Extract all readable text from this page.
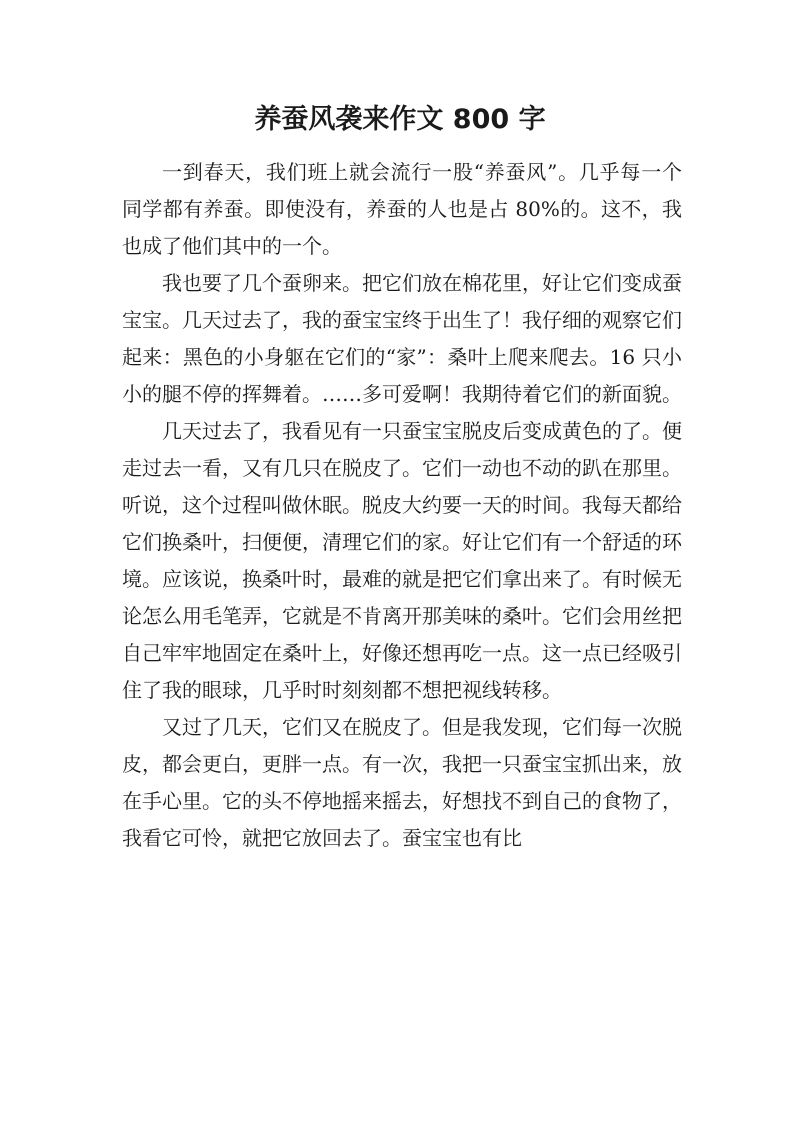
养蚕风袭来作文 800 字

一到春天，我们班上就会流行一股“养蚕风”。几乎每一个同学都有养蚕。即使没有，养蚕的人也是占 80%的。这不，我也成了他们其中的一个。

我也要了几个蚕卵来。把它们放在棉花里，好让它们变成蚕宝宝。几天过去了，我的蚕宝宝终于出生了！我仔细的观察它们起来：黑色的小身躯在它们的“家”：桑叶上爬来爬去。16 只小小的腿不停的挥舞着。……多可爱啊！我期待着它们的新面貌。

几天过去了，我看见有一只蚕宝宝脱皮后变成黄色的了。便走过去一看，又有几只在脱皮了。它们一动也不动的趴在那里。听说，这个过程叫做休眠。脱皮大约要一天的时间。我每天都给它们换桑叶，扫便便，清理它们的家。好让它们有一个舒适的环境。应该说，换桑叶时，最难的就是把它们拿出来了。有时候无论怎么用毛笔弄，它就是不肯离开那美味的桑叶。它们会用丝把自己牢牢地固定在桑叶上，好像还想再吃一点。这一点已经吸引住了我的眼球，几乎时时刻刻都不想把视线转移。

又过了几天，它们又在脱皮了。但是我发现，它们每一次脱皮，都会更白，更胖一点。有一次，我把一只蚕宝宝抓出来，放在手心里。它的头不停地摇来摇去，好想找不到自己的食物了，我看它可怜，就把它放回去了。蚕宝宝也有比
